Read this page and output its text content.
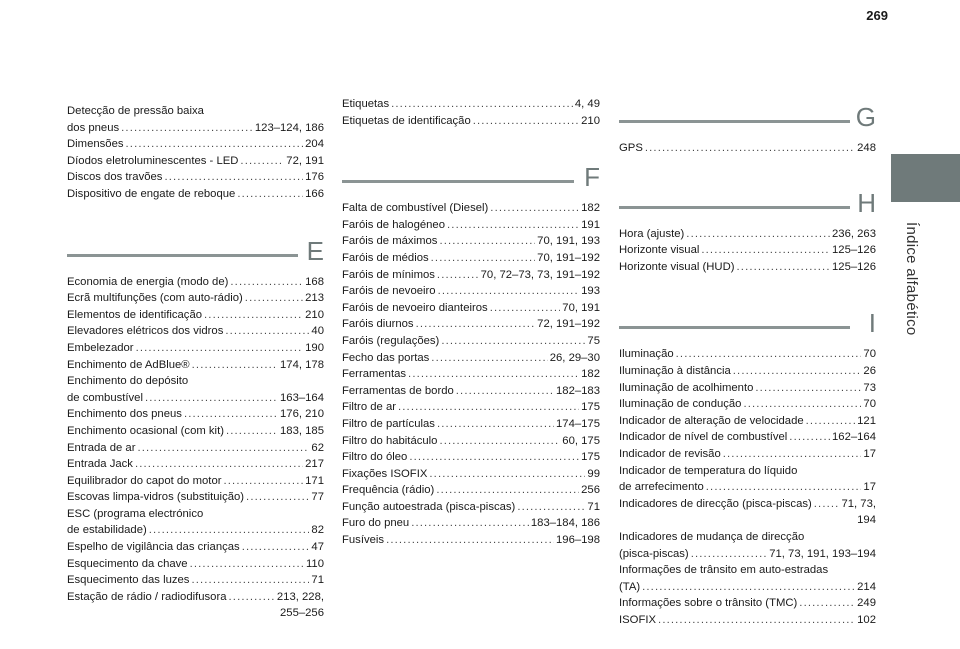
269
Índice alfabético
Detecção de pressão baixa
dos pneus . . .	123–124, 186
Dimensões . . .	204
Díodos eletroluminescentes - LED . . .	72, 191
Discos dos travões . . .	176
Dispositivo de engate de reboque . . .	166
E
Economia de energia (modo de) . . .	168
Ecrã multifunções (com auto-rádio) . . .	213
Elementos de identificação . . .	210
Elevadores elétricos dos vidros . . .	40
Embelezador . . .	190
Enchimento de AdBlue® . . .	174, 178
Enchimento do depósito
de combustível . . .	163–164
Enchimento dos pneus . . .	176, 210
Enchimento ocasional (com kit) . . .	183, 185
Entrada de ar . . .	62
Entrada Jack . . .	217
Equilibrador do capot do motor . . .	171
Escovas limpa-vidros (substituição) . . .	77
ESC (programa electrónico
de estabilidade) . . .	82
Espelho de vigilância das crianças . . .	47
Esquecimento da chave . . .	110
Esquecimento das luzes . . .	71
Estação de rádio / radiodifusora . . .	213, 228,
255–256
Etiquetas . . .	4, 49
Etiquetas de identificação . . .	210
F
Falta de combustível (Diesel) . . .	182
Faróis de halogéneo . . .	191
Faróis de máximos . . .	70, 191, 193
Faróis de médios . . .	70, 191–192
Faróis de mínimos . . .	70, 72–73, 73, 191–192
Faróis de nevoeiro . . .	193
Faróis de nevoeiro dianteiros . . .	70, 191
Faróis diurnos . . .	72, 191–192
Faróis (regulações) . . .	75
Fecho das portas . . .	26, 29–30
Ferramentas . . .	182
Ferramentas de bordo . . .	182–183
Filtro de ar . . .	175
Filtro de partículas . . .	174–175
Filtro do habitáculo . . .	60, 175
Filtro do óleo . . .	175
Fixações ISOFIX . . .	99
Frequência (rádio) . . .	256
Função autoestrada (pisca-piscas) . . .	71
Furo do pneu . . .	183–184, 186
Fusíveis . . .	196–198
G
GPS . . .	248
H
Hora (ajuste) . . .	236, 263
Horizonte visual . . .	125–126
Horizonte visual (HUD) . . .	125–126
I
Iluminação . . .	70
Iluminação à distância . . .	26
Iluminação de acolhimento . . .	73
Iluminação de condução . . .	70
Indicador de alteração de velocidade . . .	121
Indicador de nível de combustível . . .	162–164
Indicador de revisão . . .	17
Indicador de temperatura do líquido
de arrefecimento . . .	17
Indicadores de direcção (pisca-piscas) . . .	71, 73,
194
Indicadores de mudança de direcção
(pisca-piscas) . . .	71, 73, 191, 193–194
Informações de trânsito em auto-estradas
(TA) . . .	214
Informações sobre o trânsito (TMC) . . .	249
ISOFIX . . .	102
